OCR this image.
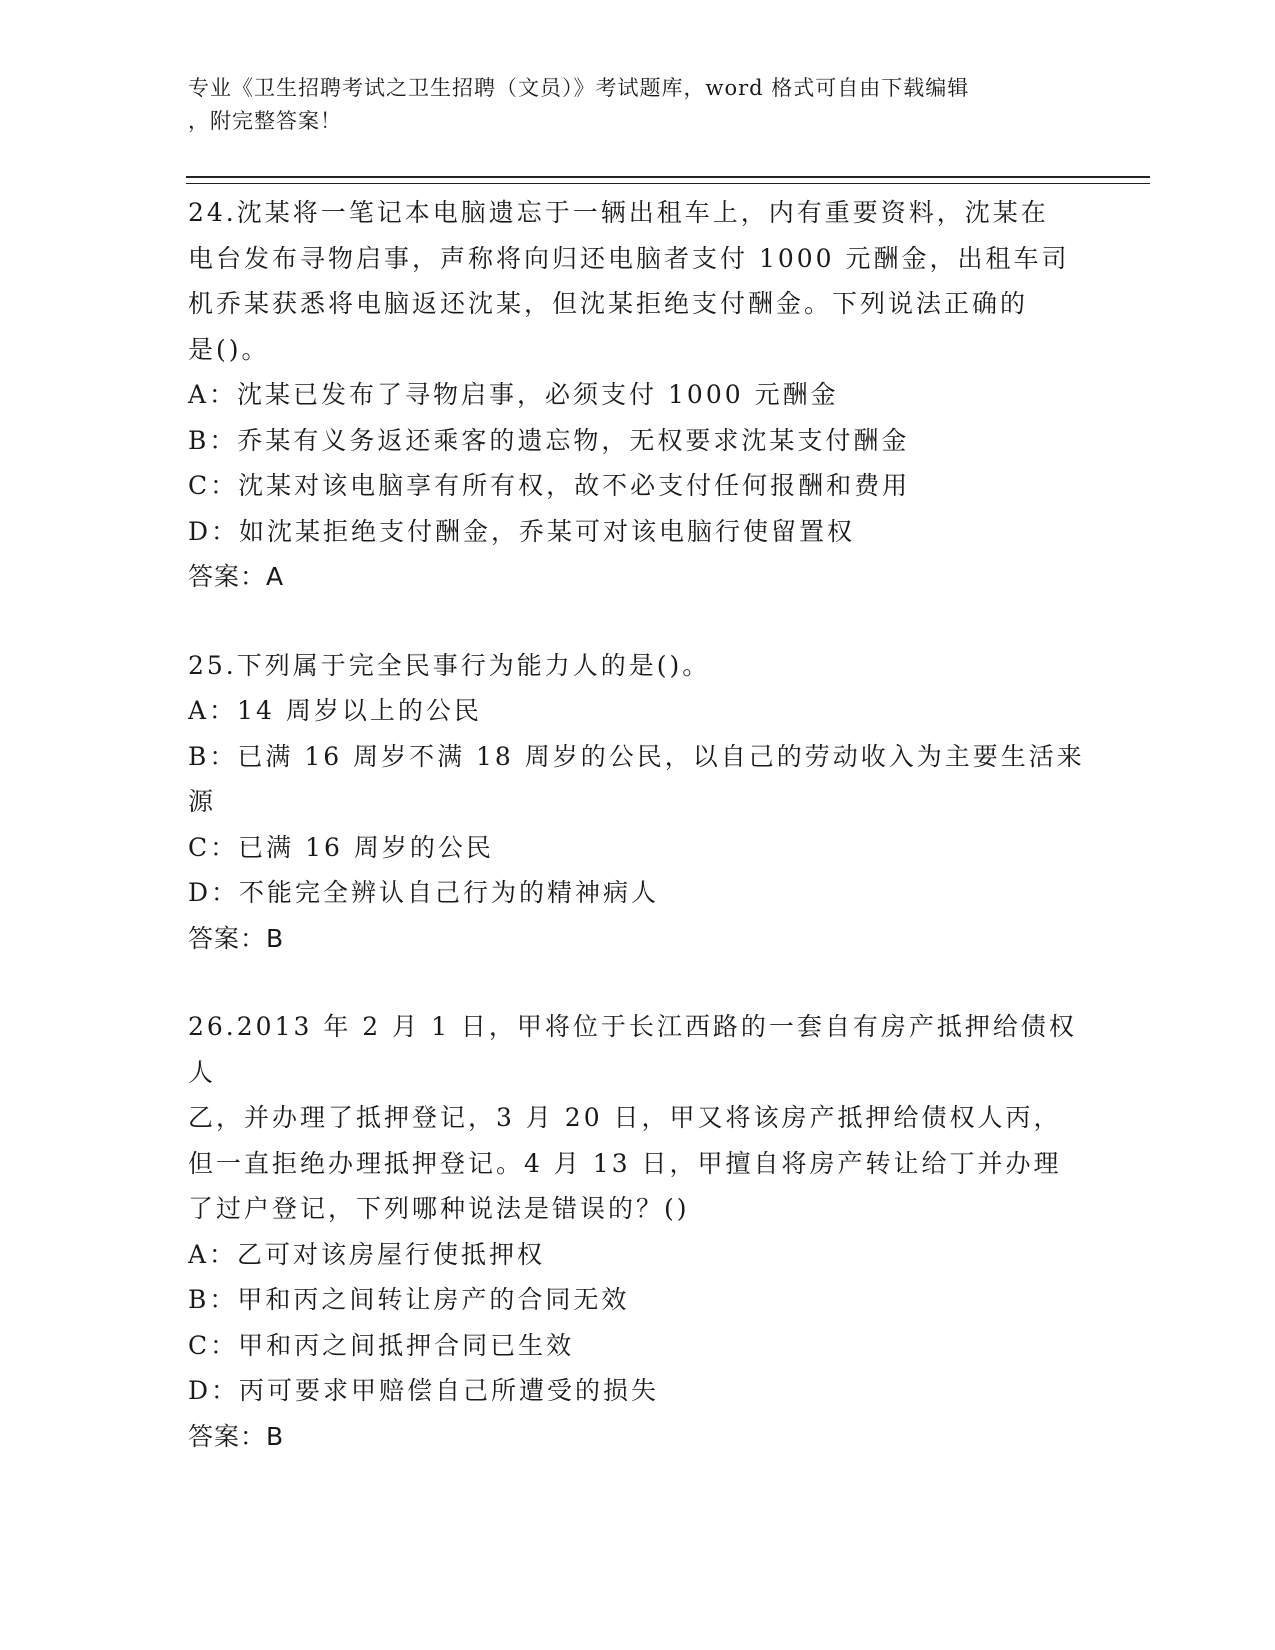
专业《卫生招聘考试之卫生招聘（文员）》考试题库，word 格式可自由下载编辑
，附完整答案！

24.沈某将一笔记本电脑遗忘于一辆出租车上，内有重要资料，沈某在

电台发布寻物启事，声称将向归还电脑者支付 1000 元酬金，出租车司

机乔某获悉将电脑返还沈某，但沈某拒绝支付酬金。下列说法正确的

是()。

A：沈某已发布了寻物启事，必须支付 1000 元酬金

B：乔某有义务返还乘客的遗忘物，无权要求沈某支付酬金

C：沈某对该电脑享有所有权，故不必支付任何报酬和费用

D：如沈某拒绝支付酬金，乔某可对该电脑行使留置权

答案：A

25.下列属于完全民事行为能力人的是()。

A：14 周岁以上的公民

B：已满 16 周岁不满 18 周岁的公民，以自己的劳动收入为主要生活来

源

C：已满 16 周岁的公民

D：不能完全辨认自己行为的精神病人

答案：B

26.2013 年 2 月 1 日，甲将位于长江西路的一套自有房产抵押给债权人

乙，并办理了抵押登记，3 月 20 日，甲又将该房产抵押给债权人丙，

但一直拒绝办理抵押登记。4 月 13 日，甲擅自将房产转让给丁并办理

了过户登记，下列哪种说法是错误的？()

A：乙可对该房屋行使抵押权

B：甲和丙之间转让房产的合同无效

C：甲和丙之间抵押合同已生效

D：丙可要求甲赔偿自己所遭受的损失

答案：B
